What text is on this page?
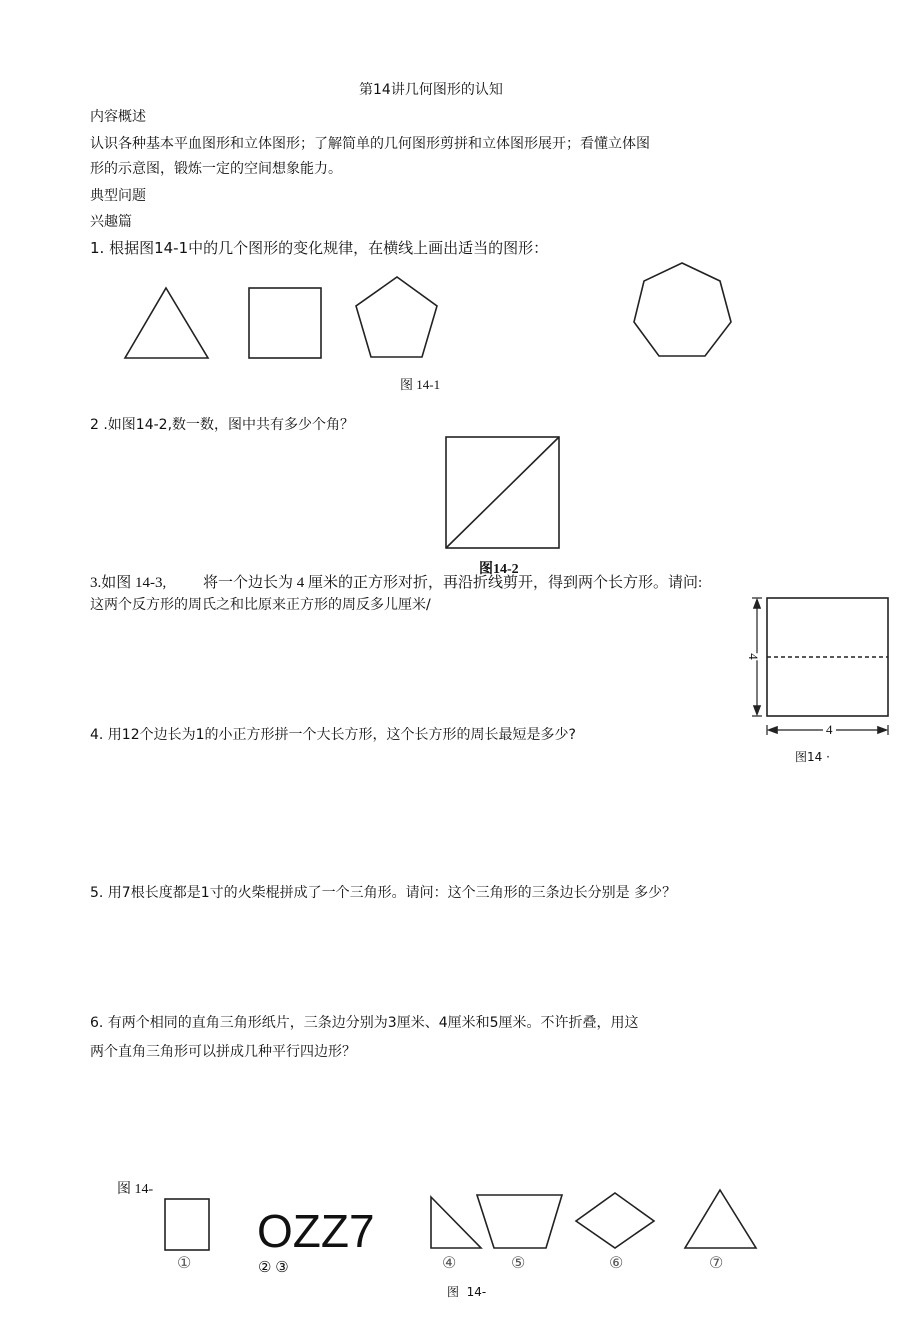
第14讲几何图形的认知
内容概述
认识各种基本平血图形和立体图形；了解简单的几何图形剪拼和立体图形展开；看懂立体图
形的示意图，锻炼一定的空间想象能力。
典型问题
兴趣篇
1. 根据图14-1中的几个图形的变化规律，在横线上画出适当的图形：
图 14-1
2 .如图14-2,数一数，图中共有多少个角？
图14-2
3.如图 14-3, 将一个边长为 4 厘米的正方形对折，再沿折线剪开，得到两个长方形。请问:
这两个反方形的周氏之和比原来正方形的周反多儿厘米/
4
4
图14 ·
4. 用12个边长为1的小正方形拼一个大长方形，这个长方形的周长最短是多少?
5. 用7根长度都是1寸的火柴棍拼成了一个三角形。请问：这个三角形的三条边长分别是 多少？
6. 有两个相同的直角三角形纸片，三条边分别为3厘米、4厘米和5厘米。不许折叠，用这
两个直角三角形可以拼成几种平行四边形？
图 14-
OZZ7
①	② ③	④	⑤	⑥	⑦
图  14-
